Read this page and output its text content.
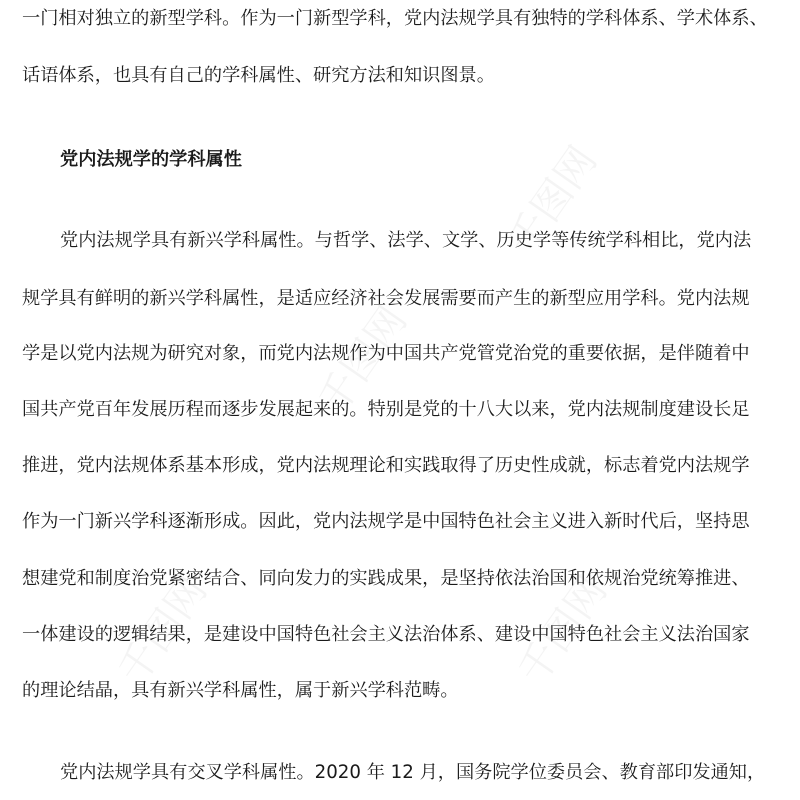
一门相对独立的新型学科。作为一门新型学科，党内法规学具有独特的学科体系、学术体系、
话语体系，也具有自己的学科属性、研究方法和知识图景。
党内法规学的学科属性
党内法规学具有新兴学科属性。与哲学、法学、文学、历史学等传统学科相比，党内法
规学具有鲜明的新兴学科属性，是适应经济社会发展需要而产生的新型应用学科。党内法规
学是以党内法规为研究对象，而党内法规作为中国共产党管党治党的重要依据，是伴随着中
国共产党百年发展历程而逐步发展起来的。特别是党的十八大以来，党内法规制度建设长足
推进，党内法规体系基本形成，党内法规理论和实践取得了历史性成就，标志着党内法规学
作为一门新兴学科逐渐形成。因此，党内法规学是中国特色社会主义进入新时代后，坚持思
想建党和制度治党紧密结合、同向发力的实践成果，是坚持依法治国和依规治党统筹推进、
一体建设的逻辑结果，是建设中国特色社会主义法治体系、建设中国特色社会主义法治国家
的理论结晶，具有新兴学科属性，属于新兴学科范畴。
党内法规学具有交叉学科属性。2020 年 12 月，国务院学位委员会、教育部印发通知，
